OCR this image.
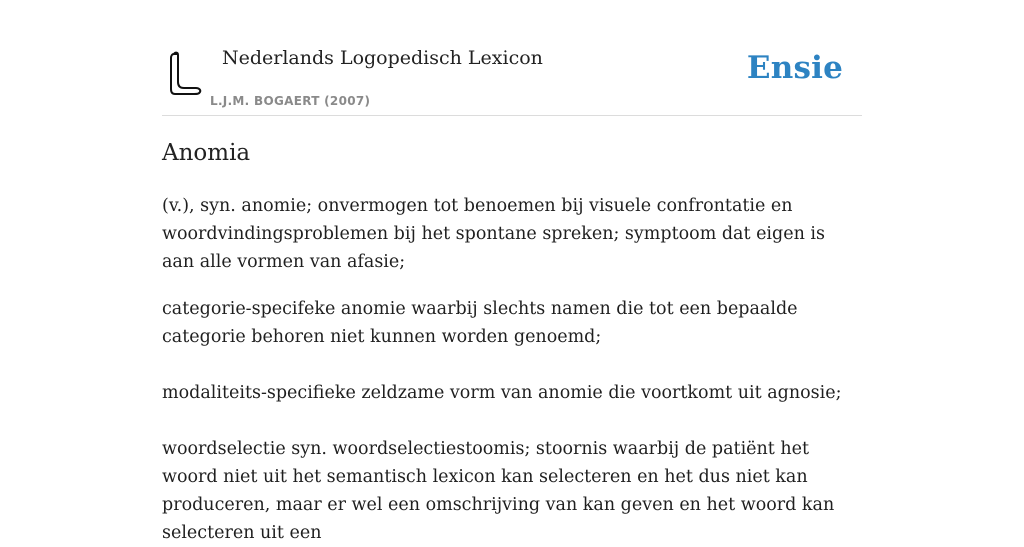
Nederlands Logopedisch Lexicon
L.J.M. BOGAERT (2007)
Ensie
Anomia

(v.), syn. anomie; onvermogen tot benoemen bij visuele confrontatie en woordvindingsproblemen bij het spontane spreken; symptoom dat eigen is aan alle vormen van afasie;

categorie-specifeke anomie waarbij slechts namen die tot een bepaalde categorie behoren niet kunnen worden genoemd;

modaliteits-specifieke zeldzame vorm van anomie die voortkomt uit agnosie;

woordselectie syn. woordselectiestoomis; stoornis waarbij de patiënt het woord niet uit het semantisch lexicon kan selecteren en het dus niet kan produceren, maar er wel een omschrijving van kan geven en het woord kan selecteren uit een
